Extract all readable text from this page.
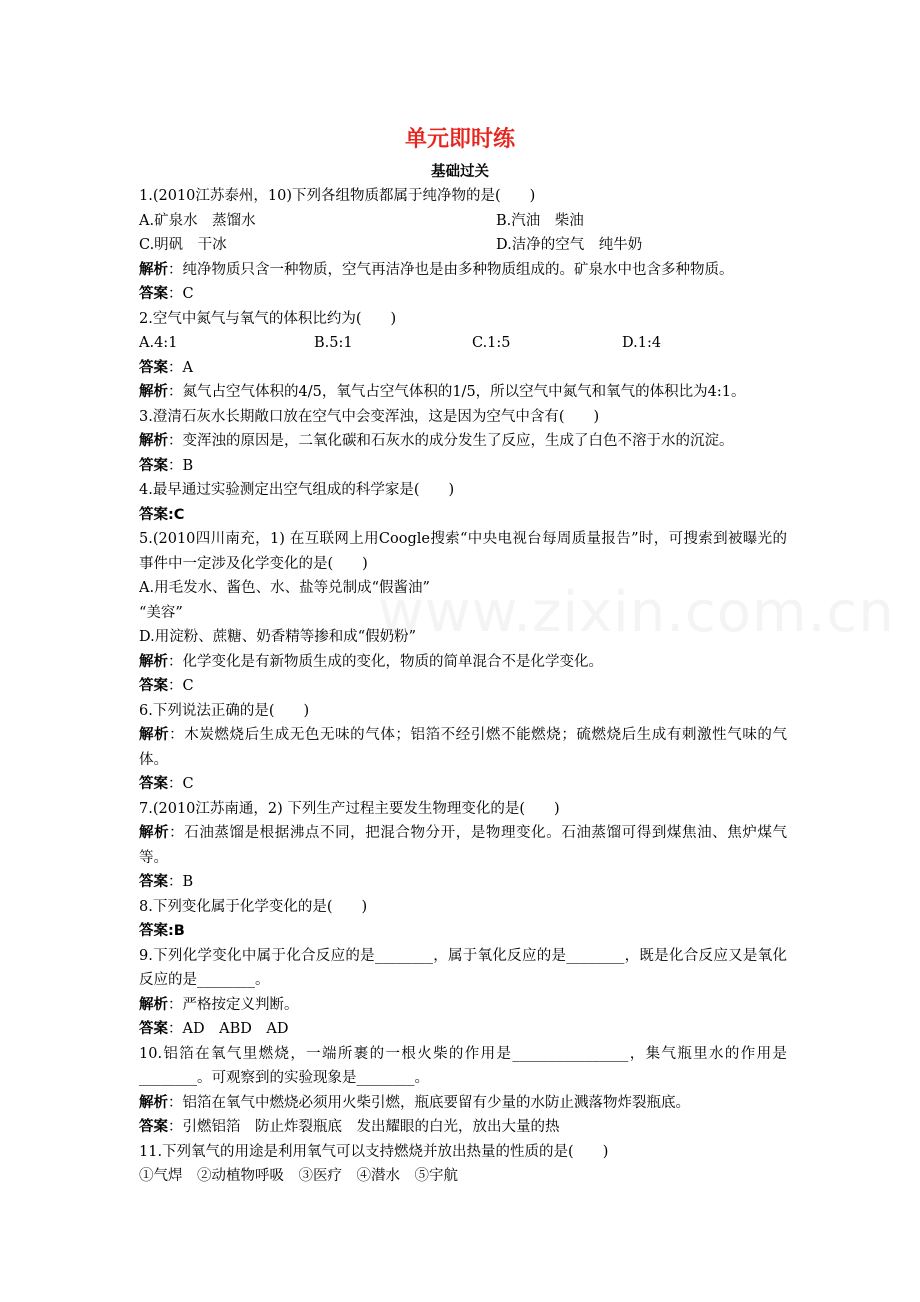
www.zixin.com.cn
单元即时练
基础过关
1.(2010江苏泰州，10)下列各组物质都属于纯净物的是(　　)
A.矿泉水　蒸馏水	B.汽油　柴油
C.明矾　干冰	D.洁净的空气　纯牛奶
解析：纯净物质只含一种物质，空气再洁净也是由多种物质组成的。矿泉水中也含多种物质。
答案：C
2.空气中氮气与氧气的体积比约为(　　)
A.4:1	B.5:1	C.1:5	D.1:4
答案：A
解析：氮气占空气体积的4/5，氧气占空气体积的1/5，所以空气中氮气和氧气的体积比为4:1。
3.澄清石灰水长期敞口放在空气中会变浑浊，这是因为空气中含有(　　)
解析：变浑浊的原因是，二氧化碳和石灰水的成分发生了反应，生成了白色不溶于水的沉淀。
答案：B
4.最早通过实验测定出空气组成的科学家是(　　)
答案:C
5.(2010四川南充，1) 在互联网上用Coogle搜索“中央电视台每周质量报告”时，可搜索到被曝光的事件中一定涉及化学变化的是(　　)
A.用毛发水、酱色、水、盐等兑制成“假酱油”
“美容”
D.用淀粉、蔗糖、奶香精等掺和成“假奶粉”
解析：化学变化是有新物质生成的变化，物质的简单混合不是化学变化。
答案：C
6.下列说法正确的是(　　)
解析：木炭燃烧后生成无色无味的气体；铝箔不经引燃不能燃烧；硫燃烧后生成有刺激性气味的气体。
答案：C
7.(2010江苏南通，2) 下列生产过程主要发生物理变化的是(　　)
解析：石油蒸馏是根据沸点不同，把混合物分开，是物理变化。石油蒸馏可得到煤焦油、焦炉煤气等。
答案：B
8.下列变化属于化学变化的是(　　)
答案:B
9.下列化学变化中属于化合反应的是________，属于氧化反应的是________，既是化合反应又是氧化反应的是________。
解析：严格按定义判断。
答案：AD　ABD　AD
10.铝箔在氧气里燃烧，一端所裹的一根火柴的作用是________________，集气瓶里水的作用是________。可观察到的实验现象是________。
解析：铝箔在氧气中燃烧必须用火柴引燃，瓶底要留有少量的水防止溅落物炸裂瓶底。
答案：引燃铝箔　防止炸裂瓶底　发出耀眼的白光，放出大量的热
11.下列氧气的用途是利用氧气可以支持燃烧并放出热量的性质的是(　　)
①气焊　②动植物呼吸　③医疗　④潜水　⑤宇航
